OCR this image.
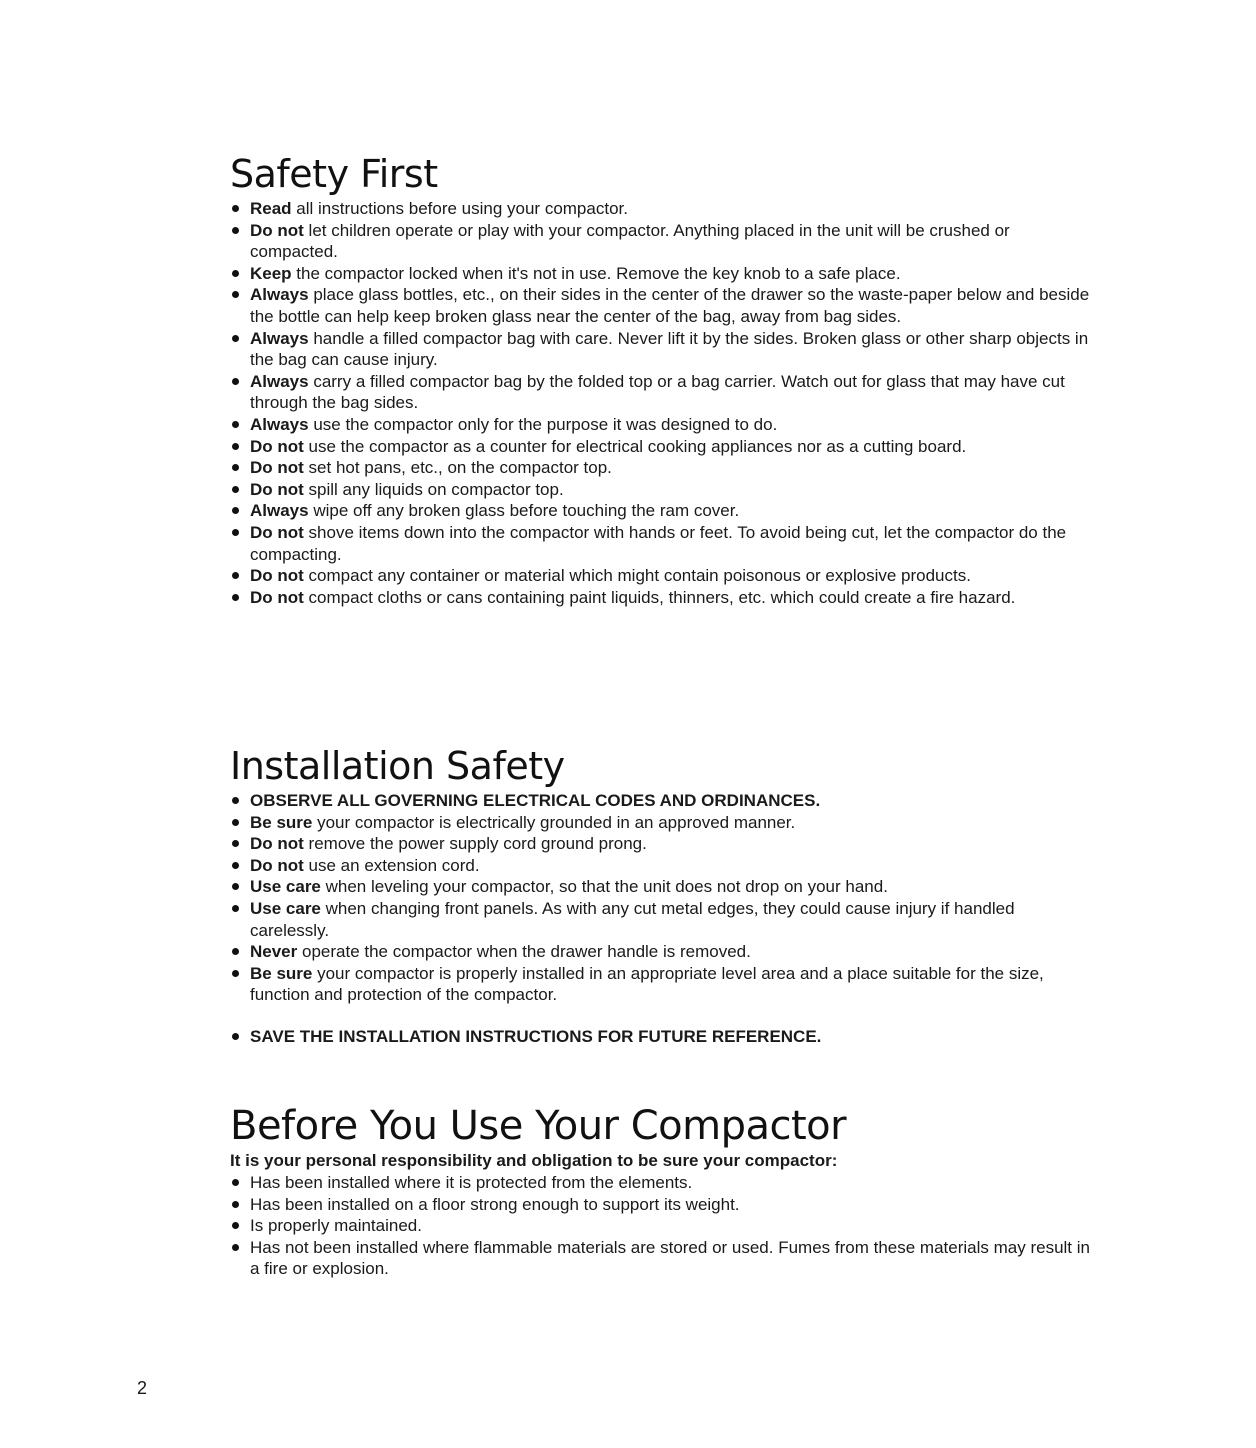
Safety First
Read all instructions before using your compactor.
Do not let children operate or play with your compactor. Anything placed in the unit will be crushed or compacted.
Keep the compactor locked when it's not in use. Remove the key knob to a safe place.
Always place glass bottles, etc., on their sides in the center of the drawer so the waste-paper below and beside the bottle can help keep broken glass near the center of the bag, away from bag sides.
Always handle a filled compactor bag with care. Never lift it by the sides. Broken glass or other sharp objects in the bag can cause injury.
Always carry a filled compactor bag by the folded top or a bag carrier. Watch out for glass that may have cut through the bag sides.
Always use the compactor only for the purpose it was designed to do.
Do not use the compactor as a counter for electrical cooking appliances nor as a cutting board.
Do not set hot pans, etc., on the compactor top.
Do not spill any liquids on compactor top.
Always wipe off any broken glass before touching the ram cover.
Do not shove items down into the compactor with hands or feet. To avoid being cut, let the compactor do the compacting.
Do not compact any container or material which might contain poisonous or explosive products.
Do not compact cloths or cans containing paint liquids, thinners, etc. which could create a fire hazard.
Installation Safety
OBSERVE ALL GOVERNING ELECTRICAL CODES AND ORDINANCES.
Be sure your compactor is electrically grounded in an approved manner.
Do not remove the power supply cord ground prong.
Do not use an extension cord.
Use care when leveling your compactor, so that the unit does not drop on your hand.
Use care when changing front panels. As with any cut metal edges, they could cause injury if handled carelessly.
Never operate the compactor when the drawer handle is removed.
Be sure your compactor is properly installed in an appropriate level area and a place suitable for the size, function and protection of the compactor.
SAVE THE INSTALLATION INSTRUCTIONS FOR FUTURE REFERENCE.
Before You Use Your Compactor
It is your personal responsibility and obligation to be sure your compactor:
Has been installed where it is protected from the elements.
Has been installed on a floor strong enough to support its weight.
Is properly maintained.
Has not been installed where flammable materials are stored or used. Fumes from these materials may result in a fire or explosion.
2
